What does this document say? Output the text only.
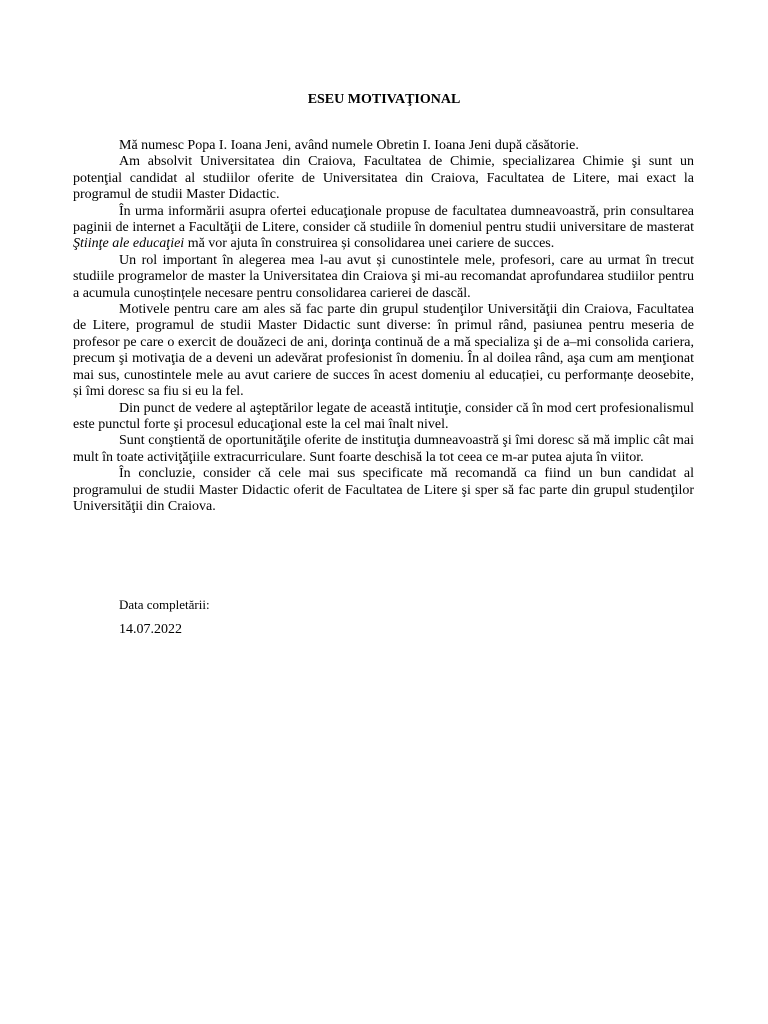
ESEU MOTIVAŢIONAL

Mă numesc Popa I. Ioana Jeni, având numele Obretin I. Ioana Jeni după căsătorie.

Am absolvit Universitatea din Craiova, Facultatea de Chimie, specializarea Chimie şi sunt un potenţial candidat al studiilor oferite de Universitatea din Craiova, Facultatea de Litere, mai exact la programul de studii Master Didactic.

În urma informării asupra ofertei educaţionale propuse de facultatea dumneavoastră, prin consultarea paginii de internet a Facultăţii de Litere, consider că studiile în domeniul pentru studii universitare de masterat Ştiinţe ale educaţiei mă vor ajuta în construirea și consolidarea unei cariere de succes.

Un rol important în alegerea mea l-au avut și cunostintele mele, profesori, care au urmat în trecut studiile programelor de master la Universitatea din Craiova şi mi-au recomandat aprofundarea studiilor pentru a acumula cunoștințele necesare pentru consolidarea carierei de dascăl.

Motivele pentru care am ales să fac parte din grupul studenţilor Universităţii din Craiova, Facultatea de Litere, programul de studii Master Didactic sunt diverse: în primul rând, pasiunea pentru meseria de profesor pe care o exercit de douăzeci de ani, dorinţa continuă de a mă specializa şi de a–mi consolida cariera, precum şi motivaţia de a deveni un adevărat profesionist în domeniu. În al doilea rând, aşa cum am menţionat mai sus, cunostintele mele au avut cariere de succes în acest domeniu al educației, cu performanțe deosebite, și îmi doresc sa fiu si eu la fel.

Din punct de vedere al aşteptărilor legate de această intituţie, consider că în mod cert profesionalismul este punctul forte şi procesul educaţional este la cel mai înalt nivel.

Sunt conştientă de oportunităţile oferite de instituţia dumneavoastră şi îmi doresc să mă implic cât mai mult în toate activiţăţiile extracurriculare. Sunt foarte deschisă la tot ceea ce m-ar putea ajuta în viitor.

În concluzie, consider că cele mai sus specificate mă recomandă ca fiind un bun candidat al programului de studii Master Didactic oferit de Facultatea de Litere şi sper să fac parte din grupul studenţilor Universităţii din Craiova.

Data completării:
14.07.2022
